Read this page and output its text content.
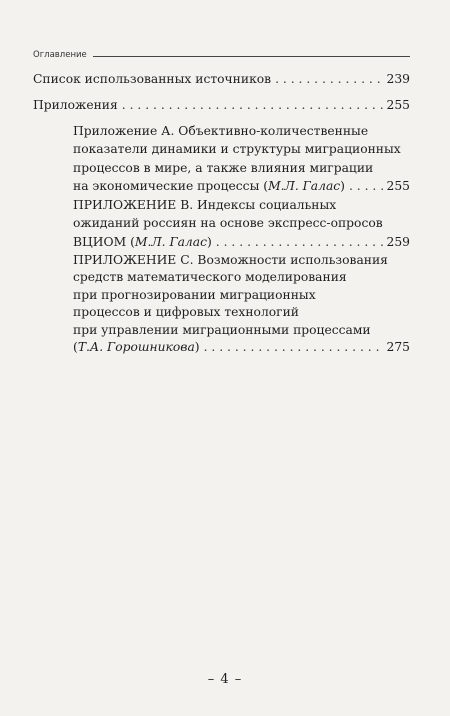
Оглавление
Список использованных источников . . .	239
Приложения . . .	255
Приложение А. Объективно-количественные
показатели динамики и структуры миграционных
процессов в мире, а также влияния миграции
на экономические процессы (М.Л. Галас) . . .	255
ПРИЛОЖЕНИЕ В. Индексы социальных
ожиданий россиян на основе экспресс-опросов
ВЦИОМ (М.Л. Галас) . . .	259
ПРИЛОЖЕНИЕ С. Возможности использования
средств математического моделирования
при прогнозировании миграционных
процессов и цифровых технологий
при управлении миграционными процессами
(Т.А. Горошникова) . . .	275
– 4 –
